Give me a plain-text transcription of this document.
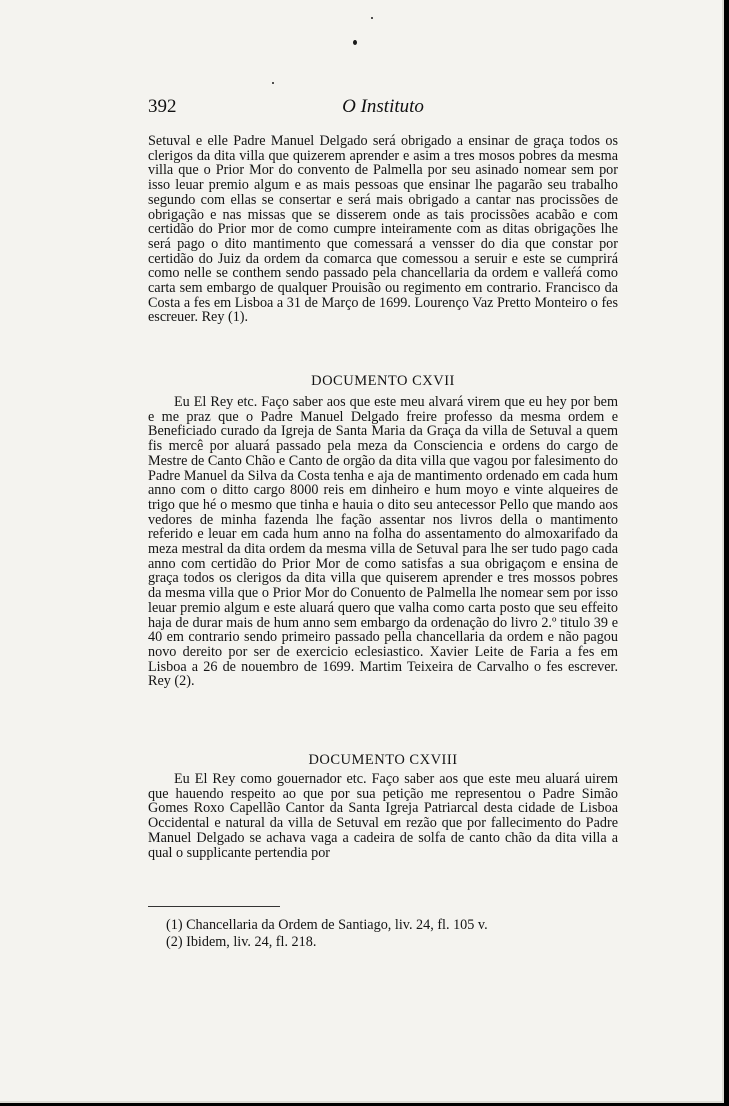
392	O Instituto

Setuval e elle Padre Manuel Delgado será obrigado a ensinar de graça todos os clerigos da dita villa que quizerem aprender e asim a tres mosos pobres da mesma villa que o Prior Mor do convento de Palmella por seu asinado nomear sem por isso leuar premio algum e as mais pessoas que ensinar lhe pagarão seu trabalho segundo com ellas se consertar e será mais obrigado a cantar nas procissões de obrigação e nas missas que se disserem onde as tais procissões acabão e com certidão do Prior mor de como cumpre inteiramente com as ditas obrigações lhe será pago o dito mantimento que comessará a vensser do dia que constar por certidão do Juiz da ordem da comarca que comessou a seruir e este se cumprirá como nelle se conthem sendo passado pela chancellaria da ordem e valleŕá como carta sem embargo de qualquer Prouisão ou regimento em contrario. Francisco da Costa a fes em Lisboa a 31 de Março de 1699. Lourenço Vaz Pretto Monteiro o fes escreuer. Rey (1).

DOCUMENTO CXVII

Eu El Rey etc. Faço saber aos que este meu alvará virem que eu hey por bem e me praz que o Padre Manuel Delgado freire professo da mesma ordem e Beneficiado curado da Igreja de Santa Maria da Graça da villa de Setuval a quem fis mercê por aluará passado pela meza da Consciencia e ordens do cargo de Mestre de Canto Chão e Canto de orgão da dita villa que vagou por falesimento do Padre Manuel da Silva da Costa tenha e aja de mantimento ordenado em cada hum anno com o ditto cargo 8000 reis em dinheiro e hum moyo e vinte alqueires de trigo que hé o mesmo que tinha e hauia o dito seu antecessor Pello que mando aos vedores de minha fazenda lhe fação assentar nos livros della o mantimento referido e leuar em cada hum anno na folha do assentamento do almoxarifado da meza mestral da dita ordem da mesma villa de Setuval para lhe ser tudo pago cada anno com certidão do Prior Mor de como satisfas a sua obrigaçom e ensina de graça todos os clerigos da dita villa que quiserem aprender e tres mossos pobres da mesma villa que o Prior Mor do Conuento de Palmella lhe nomear sem por isso leuar premio algum e este aluará quero que valha como carta posto que seu effeito haja de durar mais de hum anno sem embargo da ordenação do livro 2.º titulo 39 e 40 em contrario sendo primeiro passado pella chancellaria da ordem e não pagou novo dereito por ser de exercicio eclesiastico. Xavier Leite de Faria a fes em Lisboa a 26 de nouembro de 1699. Martim Teixeira de Carvalho o fes escrever. Rey (2).

DOCUMENTO CXVIII

Eu El Rey como gouernador etc. Faço saber aos que este meu aluará uirem que hauendo respeito ao que por sua petição me representou o Padre Simão Gomes Roxo Capellão Cantor da Santa Igreja Patriarcal desta cidade de Lisboa Occidental e natural da villa de Setuval em rezão que por fallecimento do Padre Manuel Delgado se achava vaga a cadeira de solfa de canto chão da dita villa a qual o supplicante pertendia por

(1) Chancellaria da Ordem de Santiago, liv. 24, fl. 105 v.
(2) Ibidem, liv. 24, fl. 218.
